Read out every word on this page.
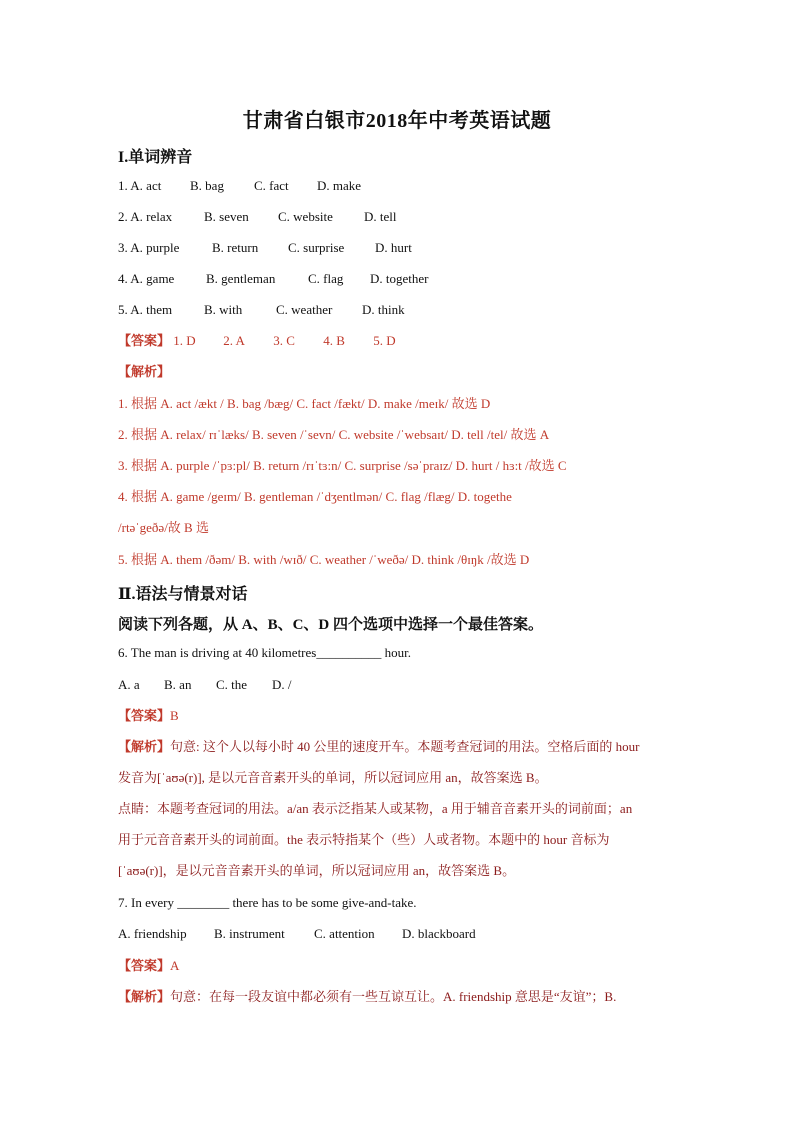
甘肃省白银市2018年中考英语试题
I.单词辨音
1. A. act B. bag C. fact D. make
2. A. relax B. seven C. website D. tell
3. A. purple	B. return C. surprise D. hurt
4. A. game B. gentleman	C. flag D. together
5. A. them B. with	C. weather D. think
【答案】 1. D 2. A 3. C 4. B 5. D
【解析】
1. 根据 A. act /ækt / B. bag /bæg/ C. fact /fækt/ D. make /meɪk/ 故选 D
2. 根据 A. relax/ rɪˈlæks/ B. seven /ˈsevn/ C. website /ˈwebsaɪt/ D. tell /tel/ 故选 A
3. 根据 A. purple /ˈpɜ:pl/ B. return /rɪˈtɜ:n/ C. surprise /səˈpraɪz/ D. hurt / hɜ:t /故选 C
4. 根据 A. game /geɪm/ B. gentleman /ˈdʒentlmən/ C. flag /flæg/ D. togethe
/rtəˈgeðə/故 B 选
5. 根据 A. them /ðəm/ B. with /wɪð/ C. weather /ˈweðə/ D. think /θɪŋk /故选 D
Ⅱ.语法与情景对话
阅读下列各题，从 A、B、C、D 四个选项中选择一个最佳答案。
6. The man is driving at 40 kilometres__________ hour.
A. a B. an C. the D. /
【答案】B
【解析】句意: 这个人以每小时 40 公里的速度开车。本题考查冠词的用法。空格后面的 hour
发音为[ˈaʊə(r)], 是以元音音素开头的单词，所以冠词应用 an，故答案选 B。
点睛：本题考查冠词的用法。a/an 表示泛指某人或某物，a 用于辅音音素开头的词前面；an
用于元音音素开头的词前面。the 表示特指某个（些）人或者物。本题中的 hour 音标为
[ˈaʊə(r)]，是以元音音素开头的单词，所以冠词应用 an，故答案选 B。
7. In every ________ there has to be some give-and-take.
A. friendship B. instrument C. attention D. blackboard
【答案】A
【解析】句意：在每一段友谊中都必须有一些互谅互让。A. friendship 意思是“友谊”；B.
